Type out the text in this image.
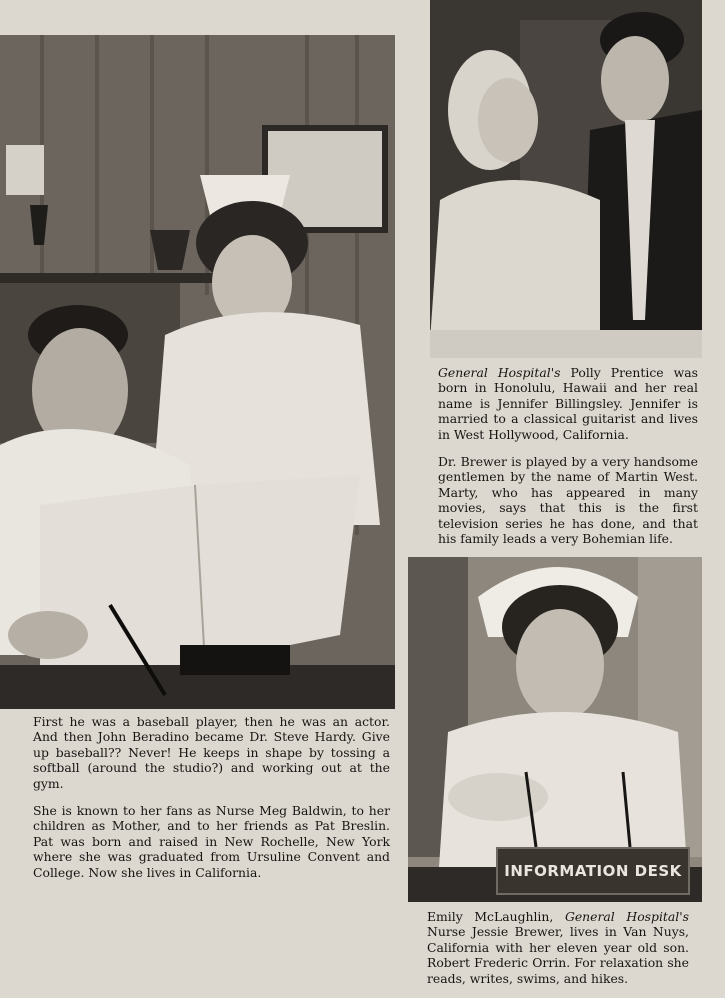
INFORMATION DESK

First he was a baseball player, then he was an actor. And then John Beradino became Dr. Steve Hardy. Give up baseball?? Never! He keeps in shape by tossing a softball (around the studio?) and working out at the gym.

She is known to her fans as Nurse Meg Baldwin, to her children as Mother, and to her friends as Pat Breslin. Pat was born and raised in New Rochelle, New York where she was graduated from Ursuline Convent and College. Now she lives in California.

General Hospital's Polly Prentice was born in Honolulu, Hawaii and her real name is Jennifer Billingsley. Jennifer is married to a classical guitarist and lives in West Hollywood, California.

Dr. Brewer is played by a very handsome gentlemen by the name of Martin West. Marty, who has appeared in many movies, says that this is the first television series he has done, and that his family leads a very Bohemian life.

Emily McLaughlin, General Hospital's Nurse Jessie Brewer, lives in Van Nuys, California with her eleven year old son. Robert Frederic Orrin. For relaxation she reads, writes, swims, and hikes.
